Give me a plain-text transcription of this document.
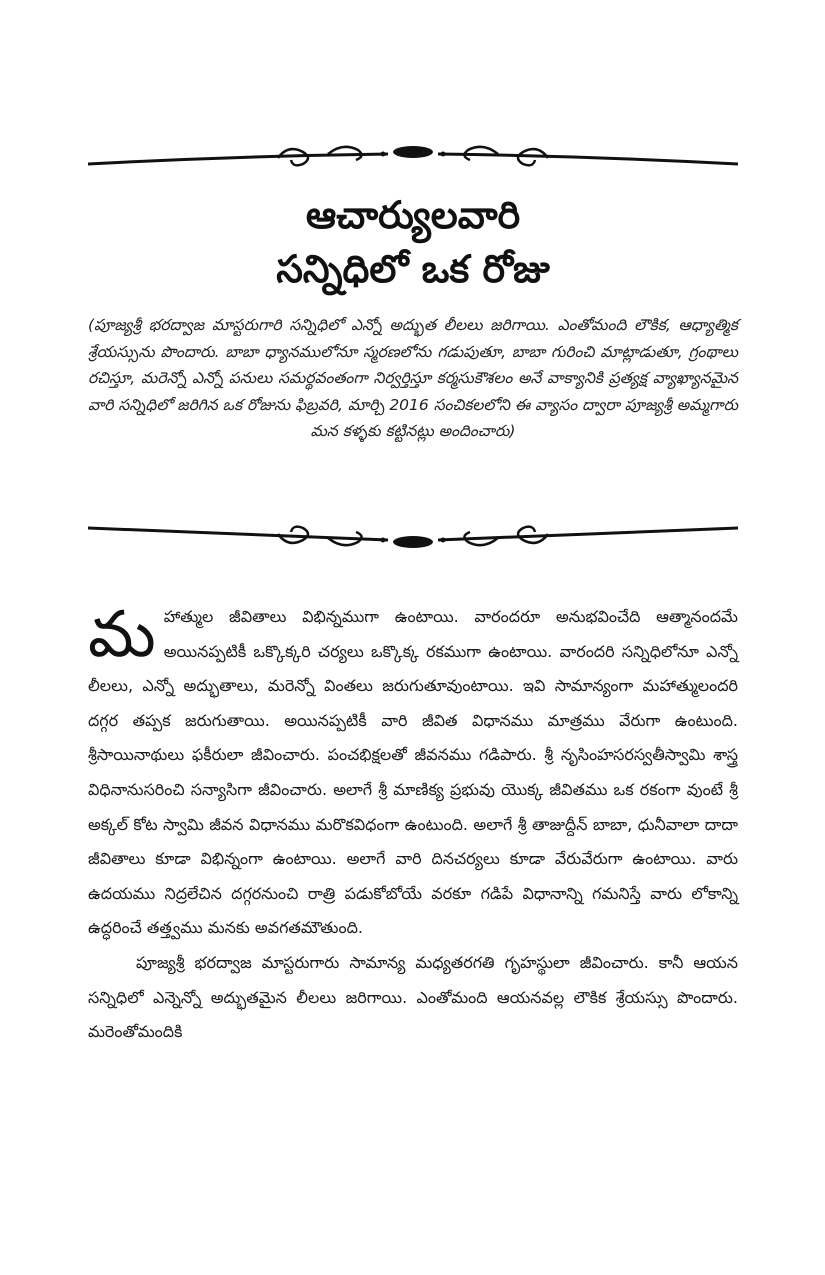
ఆచార్యులవారి
సన్నిధిలో ఒక రోజు
(పూజ్యశ్రీ భరద్వాజ మాస్టరుగారి సన్నిధిలో ఎన్నో అద్భుత లీలలు జరిగాయి. ఎంతోమంది లౌకిక, ఆధ్యాత్మిక శ్రేయస్సును పొందారు. బాబా ధ్యానములోనూ స్మరణలోను గడుపుతూ, బాబా గురించి మాట్లాడుతూ, గ్రంథాలు రచిస్తూ, మరెన్నో ఎన్నో పనులు సమర్థవంతంగా నిర్వర్తిస్తూ కర్మసుకౌశలం అనే వాక్యానికి ప్రత్యక్ష వ్యాఖ్యానమైన వారి సన్నిధిలో జరిగిన ఒక రోజును ఫిబ్రవరి, మార్చి 2016 సంచికలలోని ఈ వ్యాసం ద్వారా పూజ్యశ్రీ అమ్మగారు మన కళ్ళకు కట్టినట్లు అందించారు)

మ హాత్ముల జీవితాలు విభిన్నముగా ఉంటాయి. వారందరూ అనుభవించేది ఆత్మానందమే అయినప్పటికీ ఒక్కొక్కరి చర్యలు ఒక్కొక్క రకముగా ఉంటాయి. వారందరి సన్నిధిలోనూ ఎన్నో లీలలు, ఎన్నో అద్భుతాలు, మరెన్నో వింతలు జరుగుతూవుంటాయి. ఇవి సామాన్యంగా మహాత్ములందరి దగ్గర తప్పక జరుగుతాయి. అయినప్పటికీ వారి జీవిత విధానము మాత్రము వేరుగా ఉంటుంది. శ్రీసాయినాథులు ఫకీరులా జీవించారు. పంచభిక్షలతో జీవనము గడిపారు. శ్రీ నృసింహసరస్వతీస్వామి శాస్త్ర విధినానుసరించి సన్యాసిగా జీవించారు. అలాగే శ్రీ మాణిక్య ప్రభువు యొక్క జీవితము ఒక రకంగా వుంటే శ్రీ అక్కల్ కోట స్వామి జీవన విధానము మరొకవిధంగా ఉంటుంది. అలాగే శ్రీ తాజుద్దీన్ బాబా, ధునీవాలా దాదా జీవితాలు కూడా విభిన్నంగా ఉంటాయి. అలాగే వారి దినచర్యలు కూడా వేరువేరుగా ఉంటాయి. వారు ఉదయము నిద్రలేచిన దగ్గరనుంచి రాత్రి పడుకోబోయే వరకూ గడిపే విధానాన్ని గమనిస్తే వారు లోకాన్ని ఉద్ధరించే తత్త్వము మనకు అవగతమౌతుంది.

పూజ్యశ్రీ భరద్వాజ మాస్టరుగారు సామాన్య మధ్యతరగతి గృహస్థులా జీవించారు. కానీ ఆయన సన్నిధిలో ఎన్నెన్నో అద్భుతమైన లీలలు జరిగాయి. ఎంతోమంది ఆయనవల్ల లౌకిక శ్రేయస్సు పొందారు. మరెంతోమందికి
